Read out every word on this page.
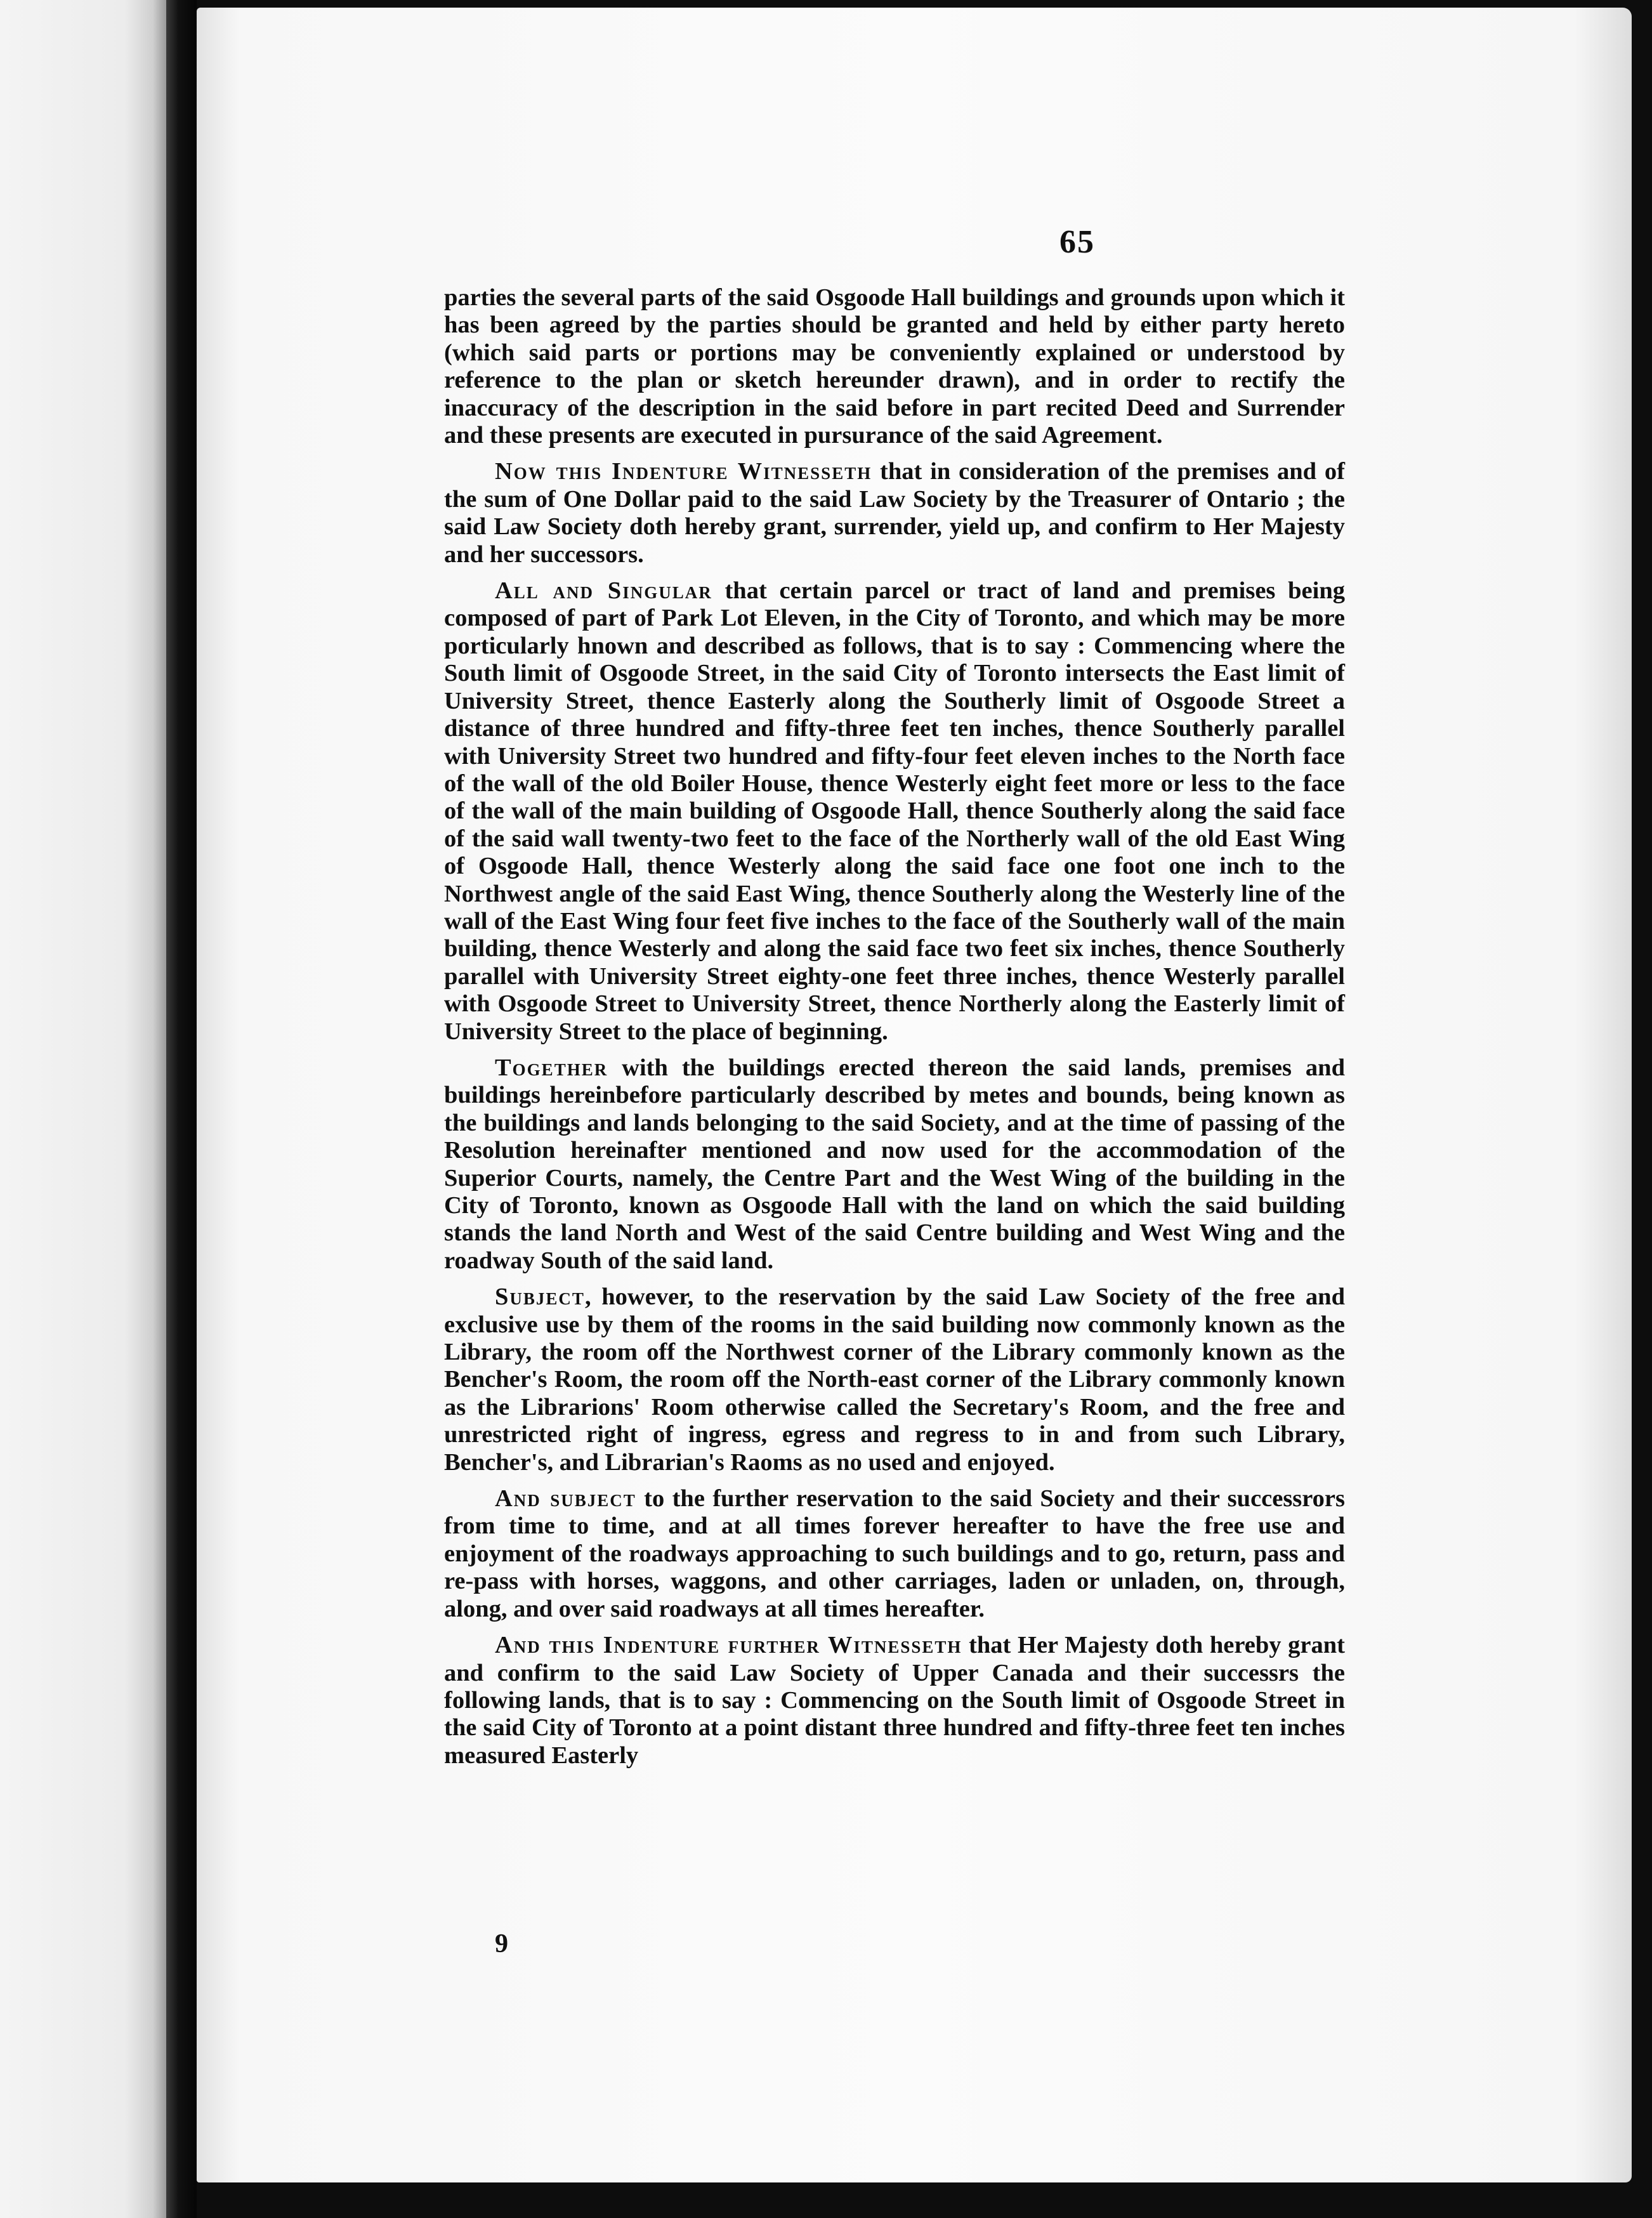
65

parties the several parts of the said Osgoode Hall buildings and grounds upon which it has been agreed by the parties should be granted and held by either party hereto (which said parts or portions may be conveniently explained or understood by reference to the plan or sketch hereunder drawn), and in order to rectify the inaccuracy of the description in the said before in part recited Deed and Surrender and these presents are executed in pursurance of the said Agreement.

Now this Indenture Witnesseth that in consideration of the premises and of the sum of One Dollar paid to the said Law Society by the Treasurer of Ontario ; the said Law Society doth hereby grant, surrender, yield up, and confirm to Her Majesty and her successors.

All and Singular that certain parcel or tract of land and premises being composed of part of Park Lot Eleven, in the City of Toronto, and which may be more porticularly hnown and described as follows, that is to say : Commencing where the South limit of Osgoode Street, in the said City of Toronto intersects the East limit of University Street, thence Easterly along the Southerly limit of Osgoode Street a distance of three hundred and fifty-three feet ten inches, thence Southerly parallel with University Street two hundred and fifty-four feet eleven inches to the North face of the wall of the old Boiler House, thence Westerly eight feet more or less to the face of the wall of the main building of Osgoode Hall, thence Southerly along the said face of the said wall twenty-two feet to the face of the Northerly wall of the old East Wing of Osgoode Hall, thence Westerly along the said face one foot one inch to the Northwest angle of the said East Wing, thence Southerly along the Westerly line of the wall of the East Wing four feet five inches to the face of the Southerly wall of the main building, thence Westerly and along the said face two feet six inches, thence Southerly parallel with University Street eighty-one feet three inches, thence Westerly parallel with Osgoode Street to University Street, thence Northerly along the Easterly limit of University Street to the place of beginning.

Together with the buildings erected thereon the said lands, premises and buildings hereinbefore particularly described by metes and bounds, being known as the buildings and lands belonging to the said Society, and at the time of passing of the Resolution hereinafter mentioned and now used for the accommodation of the Superior Courts, namely, the Centre Part and the West Wing of the building in the City of Toronto, known as Osgoode Hall with the land on which the said building stands the land North and West of the said Centre building and West Wing and the roadway South of the said land.

Subject, however, to the reservation by the said Law Society of the free and exclusive use by them of the rooms in the said building now commonly known as the Library, the room off the Northwest corner of the Library commonly known as the Bencher's Room, the room off the North-east corner of the Library commonly known as the Librarions' Room otherwise called the Secretary's Room, and the free and unrestricted right of ingress, egress and regress to in and from such Library, Bencher's, and Librarian's Raoms as no used and enjoyed.

And subject to the further reservation to the said Society and their successrors from time to time, and at all times forever hereafter to have the free use and enjoyment of the roadways approaching to such buildings and to go, return, pass and re-pass with horses, waggons, and other carriages, laden or unladen, on, through, along, and over said roadways at all times hereafter.

And this Indenture further Witnesseth that Her Majesty doth hereby grant and confirm to the said Law Society of Upper Canada and their successrs the following lands, that is to say : Commencing on the South limit of Osgoode Street in the said City of Toronto at a point distant three hundred and fifty-three feet ten inches measured Easterly

9
